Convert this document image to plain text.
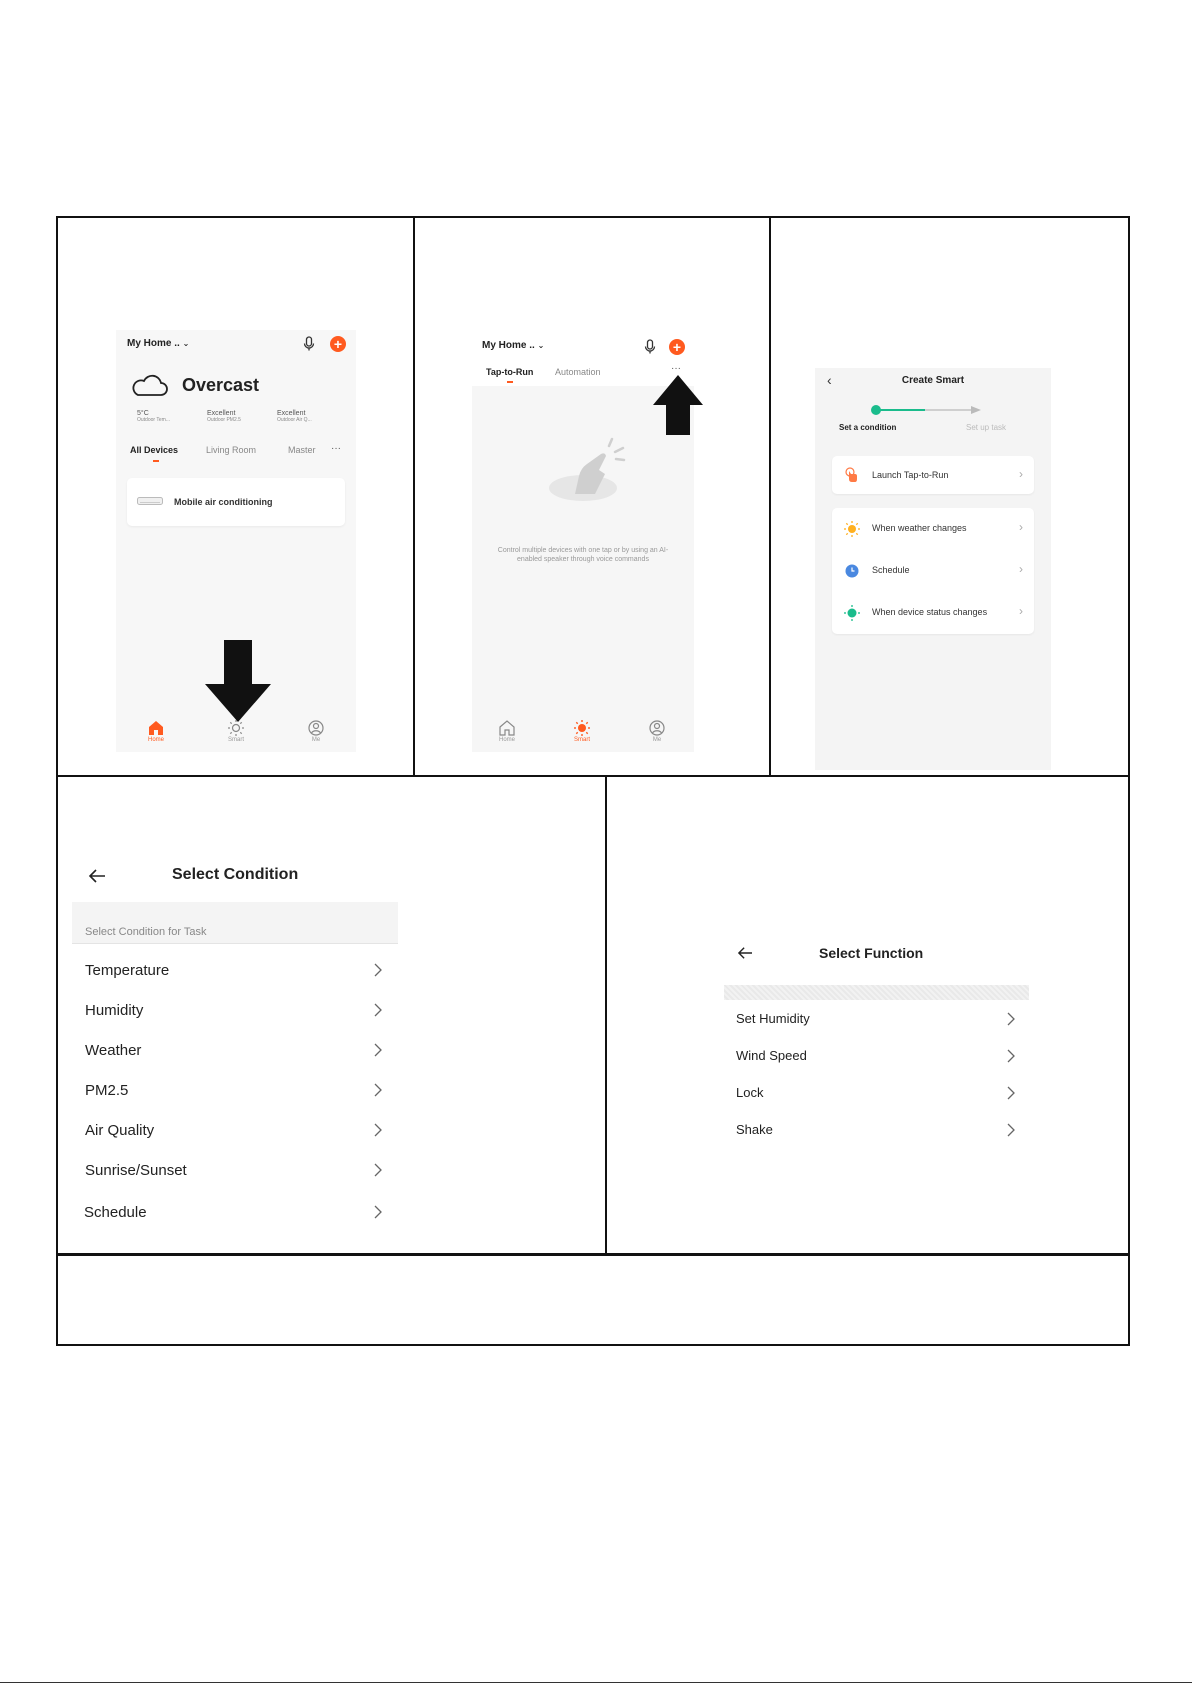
My Home .. ⌄	+
Overcast
5°C
Outdoor Tem...
Excellent
Outdoor PM2.5
Excellent
Outdoor Air Q...
All Devices	Living Room	Master ···
Mobile air conditioning
Home	Smart	Me
My Home .. ⌄	+
Tap-to-Run Automation	···
Control multiple devices with one tap or by using an AI-enabled speaker through voice commands
Home	Smart	Me
‹	Create Smart
Set a condition	Set up task
Launch Tap-to-Run	›
When weather changes	›
Schedule	›
When device status changes	›
Select Condition
Select Condition for Task
Temperature
Humidity
Weather
PM2.5
Air Quality
Sunrise/Sunset
Schedule
Select Function
Set Humidity
Wind Speed
Lock
Shake
